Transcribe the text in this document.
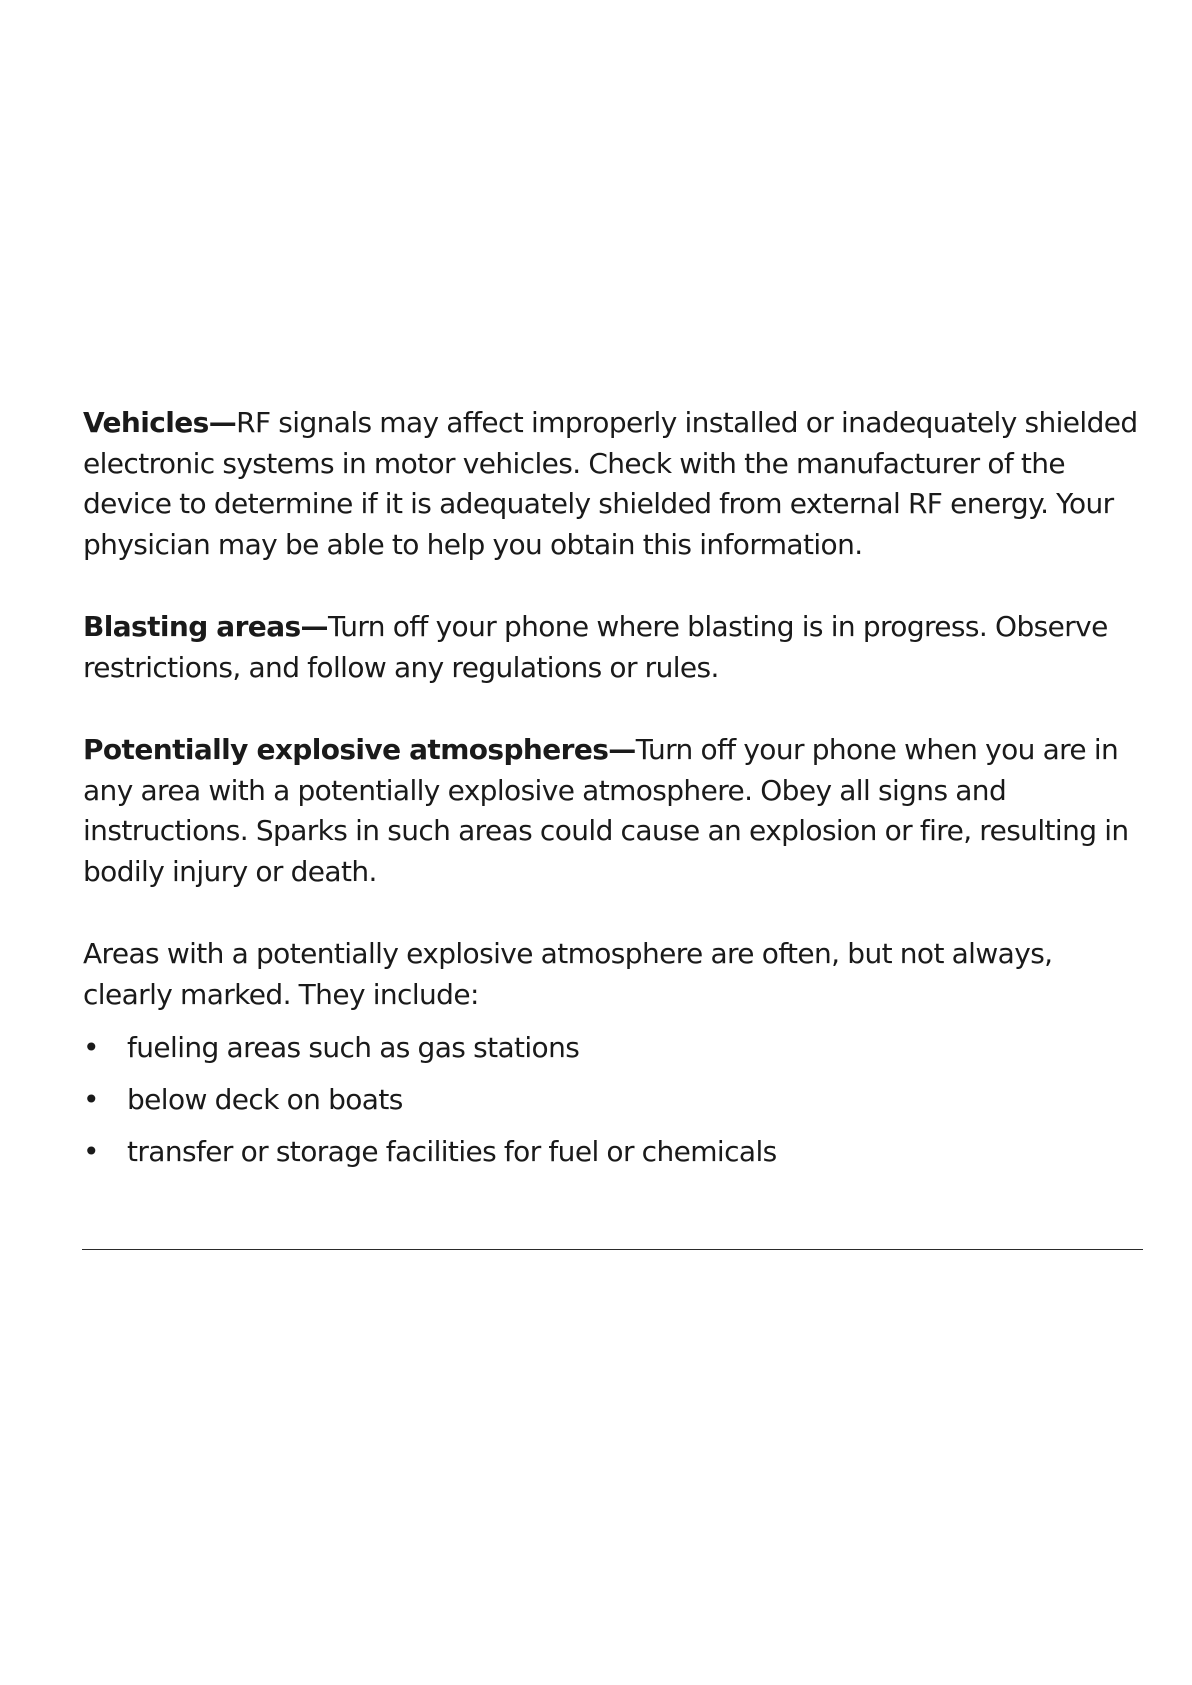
Vehicles—RF signals may affect improperly installed or inadequately shielded electronic systems in motor vehicles. Check with the manufacturer of the device to determine if it is adequately shielded from external RF energy. Your physician may be able to help you obtain this information.

Blasting areas—Turn off your phone where blasting is in progress. Observe restrictions, and follow any regulations or rules.

Potentially explosive atmospheres—Turn off your phone when you are in any area with a potentially explosive atmosphere. Obey all signs and instructions. Sparks in such areas could cause an explosion or fire, resulting in bodily injury or death.

Areas with a potentially explosive atmosphere are often, but not always, clearly marked. They include:

• fueling areas such as gas stations
• below deck on boats
• transfer or storage facilities for fuel or chemicals
